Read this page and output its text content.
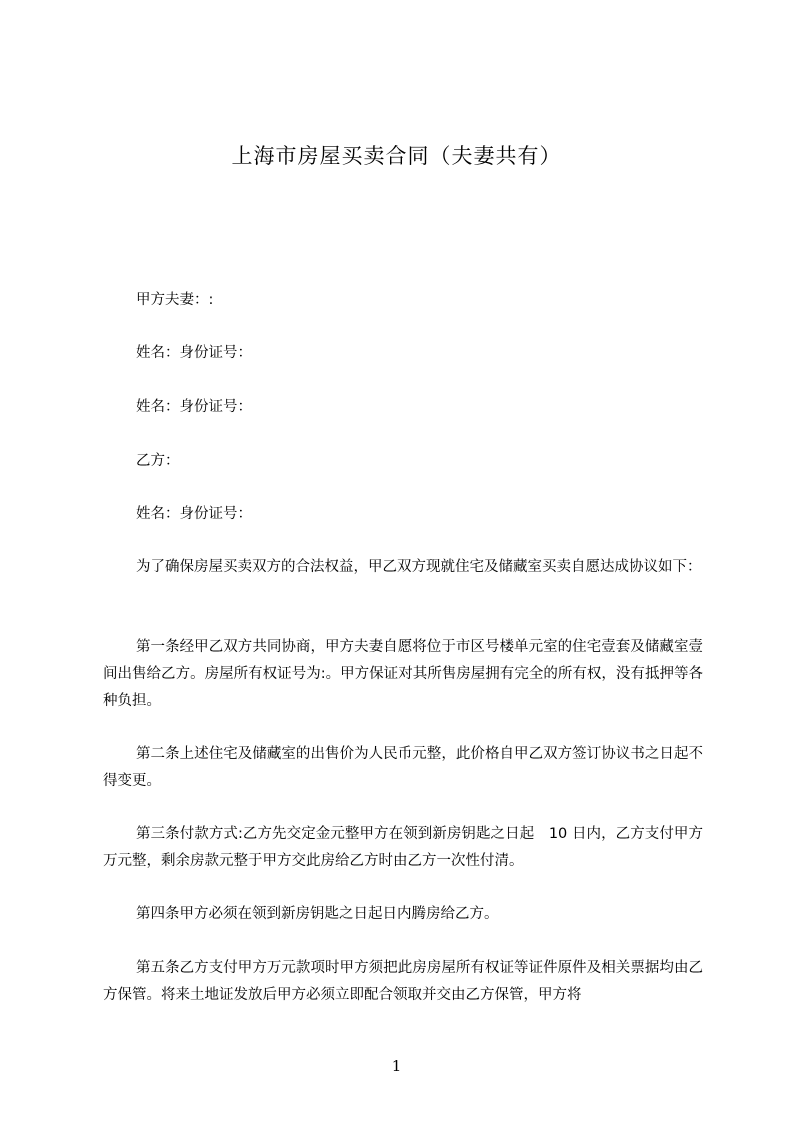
上海市房屋买卖合同（夫妻共有）

甲方夫妻：:

姓名：身份证号：

姓名：身份证号：

乙方：

姓名：身份证号：

为了确保房屋买卖双方的合法权益，甲乙双方现就住宅及储藏室买卖自愿达成协议如下：

第一条经甲乙双方共同协商，甲方夫妻自愿将位于市区号楼单元室的住宅壹套及储藏室壹间出售给乙方。房屋所有权证号为:。甲方保证对其所售房屋拥有完全的所有权，没有抵押等各种负担。

第二条上述住宅及储藏室的出售价为人民币元整，此价格自甲乙双方签订协议书之日起不得变更。

第三条付款方式:乙方先交定金元整甲方在领到新房钥匙之日起　10 日内，乙方支付甲方万元整，剩余房款元整于甲方交此房给乙方时由乙方一次性付清。

第四条甲方必须在领到新房钥匙之日起日内腾房给乙方。

第五条乙方支付甲方万元款项时甲方须把此房房屋所有权证等证件原件及相关票据均由乙方保管。将来土地证发放后甲方必须立即配合领取并交由乙方保管，甲方将

1
